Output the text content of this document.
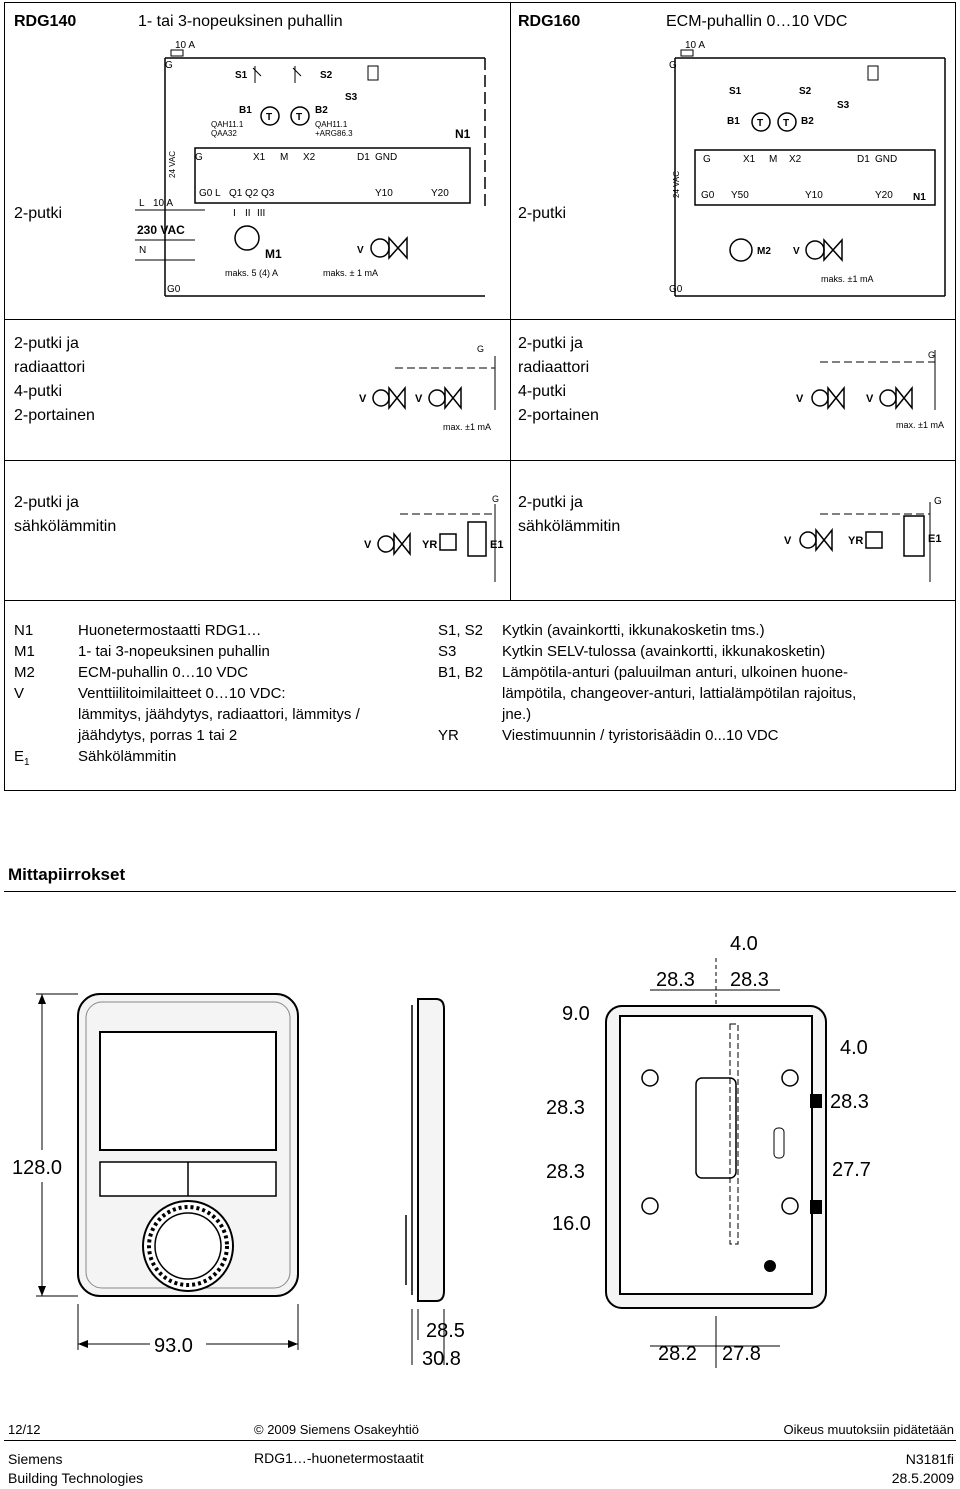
RDG140	1- tai 3-nopeuksinen puhallin	RDG160	ECM-puhallin 0…10 VDC
2-putki	2-putki
2-putki ja
radiaattori
4-putki
2-portainen
2-putki ja
radiaattori
4-putki
2-portainen
2-putki ja
sähkölämmitin
2-putki ja
sähkölämmitin
10 A
G
S1	S2
S3
B1	B2
T T
QAH11.1
QAA32
QAH11.1
+ARG86.3	N1
G	X1 M X2	D1 GND
G0 L Q1 Q2 Q3	Y10	Y20
I II III
24 VAC
L 10 A
230 VAC
N	M1
maks. 5 (4) A
V
maks. ± 1 mA
G0
10 A
G
S1	S2
S3
B1	B2
T T
G	X1 M X2	D1 GND
G0 Y50	Y10	Y20 N1
24 VAC
M2 V
maks. ±1 mA
G0
G
V	V
max. ±1 mA
G
V	V
max. ±1 mA
G
V	YR	E1
G
V	YR	E1
N1	Huonetermostaatti RDG1…
M1	1- tai 3-nopeuksinen puhallin
M2	ECM-puhallin 0…10 VDC
V	Venttiilitoimilaitteet 0…10 VDC:
lämmitys, jäähdytys, radiaattori, lämmitys /
jäähdytys, porras 1 tai 2
$E_1$	Sähkölämmitin
S1, S2	Kytkin (avainkortti, ikkunakosketin tms.)
S3	Kytkin SELV-tulossa (avainkortti, ikkunakosketin)
B1, B2	Lämpötila-anturi (paluuilman anturi, ulkoinen huone-
lämpötila, changeover-anturi, lattialämpötilan rajoitus,
jne.)
YR	Viestimuunnin / tyristorisäädin 0...10 VDC
Mittapiirrokset
128.0
93.0
28.5
30.8
4.0
28.3 28.3
9.0
28.3
28.3
16.0
4.0
28.3
27.7
28.2 27.8
12/12	© 2009 Siemens Osakeyhtiö	Oikeus muutoksiin pidätetään
Siemens
Building Technologies
RDG1…-huonetermostaatit	N3181fi
28.5.2009
